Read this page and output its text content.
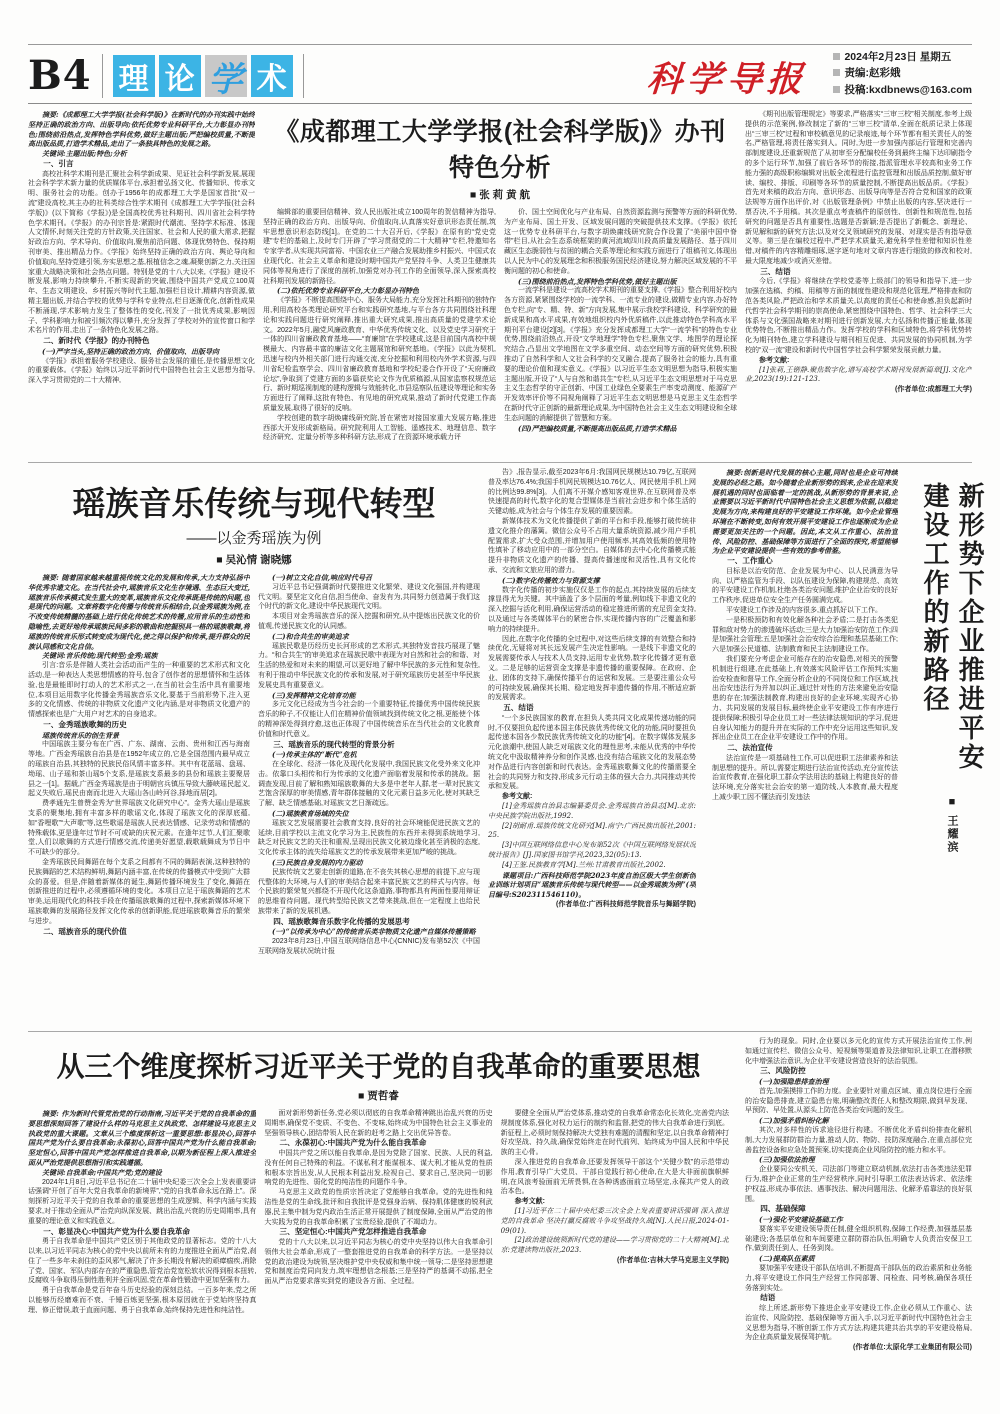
B4 理 论 学 术	科学导报
2024年2月23日 星期五
责编:赵彩娥
投稿:kxdbnews@163.com

摘要:《成都理工大学学报(社会科学版)》在新时代的办刊实践中始终坚持正确的政治方向、出版导向;依托优势专业科研平台,大力彰显办刊特色;围绕前沿热点,发挥特色学科优势,做好主题出版;严把编校质量,不断提高出版品质,打造学术精品,走出了一条独具特色的发展之路。

关键词:主题出版;特色;分析

一、引言

高校社科学术期刊是汇聚社会科学新成果、见证社会科学新发展,展现社会科学学术新力量的优质媒体平台,承担着弘扬文化、传播知识、传承文明、服务社会的功能。创办于1956年的成都理工大学是国家首批“双一流”建设高校,其主办的社科类综合性学术期刊《成都理工大学学报(社会科学版)》(以下简称《学报》)是全国高校优秀社科期刊、四川省社会科学特色学术期刊。《学报》的办刊宗旨是:紧跟时代潮流、坚持学术标准、体现人文情怀,时刻关注党的方针政策,关注国家、社会和人民的重大需求,把握好政治方向、学术导向、价值取向,聚焦前沿问题、体现优势特色、保持期刊审美、推出精品力作。《学报》始终坚持正确的政治方向、舆论导向和价值取向,坚持党建引领,夯实思想之基,根植信念之魂,凝聚创新之力,关注国家重大战略决策和社会热点问题。特别是党的十八大以来,《学报》建设不断发展,影响力持续攀升,不断实现新的突破,围绕中国共产党成立100周年、生态文明建设、乡村振兴等时代主题,加强栏目设计,精耕内容资源,做精主题出版,并结合学校的优势与学科专业特点,栏目逐渐优化,创新性成果不断涌现,学术影响力发生了整体性的变化,刊发了一批优秀成果,影响因子、学科影响力和被引频次得以攀升,充分发挥了学校对外的宣传窗口和学术名片的作用,走出了一条特色化发展之路。

二、新时代《学报》的办刊特色

(一)严字当头,坚持正确的政治方向、价值取向、出版导向

《学报》承担着服务学校建设、服务社会发展的重任,是传播思想文化的重要载体。《学报》始终以习近平新时代中国特色社会主义思想为指导,深入学习贯彻党的二十大精神,

《成都理工大学学报(社会科学版)》办刊特色分析
■ 张 莉 黄 航

编辑部的重要回信精神、致人民出版社成立100周年的贺信精神为指导,坚持正确的政治方向、出版导向、价值取向,认真落实好意识形态责任制,筑牢思想意识形态防线[1]。在党的二十大召开后,《学报》在原有的“党史党建”专栏的基础上,及时专门开辟了“学习贯彻党的二十大精神”专栏,特邀知名专家学者,从实现共同富裕、中国农业三产融合发展助推乡村振兴、中国式农业现代化、社会主义革命和建设时期中国共产党坚持斗争、人类卫生健康共同体等视角进行了深度的剖析,加强党对办刊工作的全面领导,深入探索高校社科期刊发展的新路径。

(二)依托优势专业科研平台,大力彰显办刊特色

《学报》不断提高围绕中心、服务大局能力,充分发挥社科期刊的独特作用,利用高校各类理论研究平台和实践研究基地,与平台各方共同围绕社科理论和实践问题进行研究阐释,推出重大研究成果,推出高质量的党建学术论文。2022年5月,融党风廉政教育、中华优秀传统文化、以及党史学习研究于一体的四川省廉政教育基地——“育廉馆”在学校建成,这是目前国内高校中规模最大、内容最丰富的廉洁文化主题展馆和研究基地。《学报》以此为契机,迅速与校内外相关部门进行沟通交流,充分挖掘和利用校内外学术资源,与四川省纪检监察学会、四川省廉政教育基地和学校纪委合作开设了“天府廉政论坛”,争取到了党建方面的多篇获奖论文作为优质稿源,从国家监察权规范运行、新时期巡视制度的建构逻辑与效能转化,市县巡察队伍建设等理论和实务方面进行了阐释,这批有特色、有见地的研究成果,推动了新时代党建工作高质量发展,取得了很好的反响。

学校创建的数字胡焕庸线研究院,旨在紧密对接国家重大发展方略,推进西部大开发形成新格局。研究院利用人工智能、遥感技术、地理信息、数字经济研究、定量分析等多种科研方法,形成了在资源环境承载力评

价、国土空间优化与产业布局、自然资源监测与预警等方面的科研优势,为产业布局、国土开发、区域发展问题的突破提供技术支撑。《学报》依托这一优势专业科研平台,与数字胡焕庸线研究院合作设置了“美丽中国中脊带”栏目,从社会生态系统框架的黄河流域四川段高质量发展路径、基于四川藏区生态脆弱性与贫困的耦合关系等理论和实践方面进行了组稿刊文,体现出以人民为中心的发展理念和积极服务国民经济建设,努力解决区域发展的不平衡问题的初心和使命。

(三)围绕前沿热点,发挥特色学科优势,做好主题出版

一流学科是建设一流高校学术期刊的重要支撑,《学报》整合利用好校内各方资源,紧紧围绕学校的一流学科、一流专业的建设,做精专业内容,办好特色专栏,向“专、精、特、新”方向发展,集中展示我校学科建设、科学研究的最新成果和高水平成果,有效地组织校内外优质稿件,以此推动特色学科高水平期刊平台建设[2][3]。《学报》充分发挥成都理工大学“一流学科”的特色专业优势,围绕前沿热点,开设“文学地理学”特色专栏,聚焦文学、地图学的理论探究结合,凸显出文学地图在文学多重空间、动态空间等方面的研究优势,积极推动了自然科学和人文社会科学的交叉融合,提高了服务社会的能力,具有重要的理论价值和现实意义。《学报》以习近平生态文明思想为指导,积极实施主题出版,开设了“人与自然和谐共生”专栏,从习近平生态文明思想对于马克思主义生态哲学的守正创新、中国工业绿色全要素生产率变动测度、能源矿产开发效率评价等不同视角阐释了习近平生态文明思想是马克思主义生态哲学在新时代守正创新的最新理论成果,为中国特色社会主义生态文明建设和全球生态问题的消解提供了智慧和方案。

(四)严把编校质量,不断提高出版品质,打造学术精品

《期刊出版管理规定》等要求,严格落实“三审三校”相关制度,参考上级提供的示范案例,修改制定了新的“三审三校”清单,全面在纸质记录上体现出“三审三校”过程和审校稿意见的记录痕迹,每个环节都有相关责任人的签名,严格管理,将责任落实到人。同时,为进一步加强内部运行管理和完善内部制度建设,还重新规范了从初审至分配编校任务到最终主编下达印刷指令的多个运行环节,加强了前后各环节的衔接,指派管理水平较高和业务工作能力强的高级职称编辑对出版全流程进行监控管理和出版品质控制,做好审读、编校、排版、印刷等各环节的质量控制,不断提高出版品质。《学报》首先对来稿的政治方向、意识形态、出版导向等是否符合党和国家的政策法规等方面作出评价,对《出版管理条例》中禁止出版的内容,坚决进行一票否决,不予用稿。其次是重点考查稿件的原创性、创新性和规范性,包括研究的问题是否具有重要性,选题是否新颖;是否提出了新概念、新理论、新见解和新的研究方法;以及对交叉领域研究的发展、对现实是否有指导意义等。第三是在编校过程中,严把学术质量关,避免科学性差错和知识性差错,对稿件的内容精雕细琢,逐字逐句地对文章内容进行细致的修改和校对,最大限度地减少或消灭差错。

三、结语

今后,《学报》将继续在学校党委等上级部门的领导和指导下,进一步加强在选稿、约稿、用稿等方面的制度性建设和规范化管理,严格排查和防范各类风险,严把政治和学术质量关,以高度的责任心和使命感,担负起新时代哲学社会科学期刊的崇高使命,紧密围绕中国特色、哲学、社会科学三大体系与文化强国战略来对期刊进行创新发展,大力弘扬和传播正能量,体现优势特色,不断推出精品力作。发挥学校的学科和区域特色,将学科优势转化为期刊特色,建立学科建设与期刊相互促进、共同发展的协同机制,为学校的“双一流”建设和新时代中国哲学社会科学繁荣发展贡献力量。

参考文献:

[1]张莉,王锴静.聚焦数字化,谱写高校学术期刊发展新篇章[J].文化产业,2023(19):121-123.

(作者单位:成都理工大学)

瑶族音乐传统与现代转型
——以金秀瑶族为例
■ 吴沁情 谢晓娜

摘要: 随着国家越来越重视传统文化的发展和传承,大力支持弘扬中华优秀非遗文化。在当代社会中,瑶族音乐文化生存境遇、生态巨大变迁,瑶族音乐传承模式发生重大的变革,瑶族音乐文化传承既是传统的问题,也是现代的问题。文章将数字化传播与传统音乐相结合,以金秀瑶族为例,在不改变传统精髓的基础上进行优化传统艺术的传播,应用音乐的生动性和隐喻性,去更好地传承瑶族民间多彩的歌曲和挖掘别具一格的瑶族歌舞,将瑶族的传统音乐形式转变成为现代化,使之得以保护和传承,提升群众的民族认同感和文化自信。

关键词:音乐传统;现代转型;金秀;瑶族

引言:音乐是伴随人类社会活动而产生的一种重要的艺术形式和文化活动,是一种表达人类思想情感的符号,包含了创作者的思想情怀和生活体验,也是最能即时打动人的艺术形式之一,在当前社会生活中具有重要地位,本项目运用数字化传播金秀瑶族音乐文化,要基于当前形势下,注入更多的文化情感、传统的非物质文化遗产文化内涵,是对非物质文化遗产的情感探索也是广大用户对艺术的自身追求。

一、金秀瑶族歌舞的历史

瑶族传统音乐的创生背景

中国瑶族主要分布在广西、广东、湖南、云南、贵州和江西与海南等地。广西金秀瑶族自治县是在1952年成立的,它是全国范围内最早成立的瑶族自治县,其独特的民族民俗风情丰富多样。其中有花蓝瑶、盘瑶、坳瑶、山子瑶和茶山瑶5个支系,是瑶族支系最多的县份和瑶族主要聚居县之一[1]。据载,广西金秀瑶族是由于明朝官兵镇压导致大藤峡瑶民起义,起义失败后,瑶民由南而北进入大瑶山各山岭河谷,择地而居[2]。

费孝通先生曾赞金秀为“世界瑶族文化研究中心”。金秀大瑶山是瑶族支系的聚集地,拥有丰富多样的歌谣文化,体现了瑶族文化的深厚底蕴,如“香哩歌”“大声歌”等,这些歌谣是瑶族人民表达情感、记录劳动和情感的特殊载体,更是逢年过节时不可或缺的庆祝元素。在逢年过节,人们汇聚歌堂,人们以歌舞的方式进行情感交流,传递美好愿望,载歌载舞成为节日中不可缺少的部分。

金秀瑶族民间舞蹈在每个支系之间都有不同的舞蹈表演,这种独特的民族舞蹈的艺术结构鲜明,舞蹈内涵丰富,在传统的传播模式中受到广大群众的喜爱。但是,伴随着新媒体的诞生,舞蹈传播环境发生了变化,舞蹈在创新推进的过程中,必须遵循环境的变化。本项目立足于瑶族舞蹈的艺术审美,运用现代化的科技手段在传播瑶族歌舞的过程中,探索新媒体环境下瑶族歌舞的发展路径发挥文化传承的创新职能,促进瑶族歌舞音乐的繁荣与进步。

二、瑶族音乐的现代价值

(一)树立文化自信,响应时代号召

习近平总书记强调新时代要推进文化繁荣、建设文化强国,并构建现代文明。要坚定文化自信,担当使命、奋发有为,共同努力创造属于我们这个时代的新文化,建设中华民族现代文明。

本项目对金秀瑶族音乐的深入挖掘和研究,从中提炼出民族文化的价值观,传递民族文化的认同感。

(二)和合共生的审美追求

瑶族民歌是历经历史长河形成的艺术形式,其独特发音技巧展现了魅力。“和合共生”的审美追求在瑶族民歌中表现为对自然和社会的和谐、对生活的热爱和对未来的期望,可以更好地了解中华民族的多元性和复杂性,有利于推动中华民族文化的传承和发展,对于研究瑶族历史甚至中华民族发展史具有重要意义。

(三)发挥精神文化培育功能

多元文化已经成为当今社会的一个重要特征,传播优秀中国传统民族音乐的种子,不仅能让人们在精神价值领域找到传统文化之根,更能使个体的精神深处得到疗愈,这也正体现了中国传统音乐在当代社会的文化教育价值和时代意义。

三、瑶族音乐的现代转型的背景分析

(一)传承主体的“断代”危机

在全球化、经济一体化及现代化发展中,我国民族文化受外来文化冲击。依靠口头相传和行为传承的文化遗产面临着发展和传承的挑战。据调查发现,目前了解和熟知瑶族歌舞的大多是中老年人群,老一辈对民族文艺饱含深厚的审美情感,青年群体接触的文化元素日益多元化,使对其缺乏了解、缺乏情感基础,对瑶族文艺日渐疏远。

(二)瑶族教育场域的失位

瑶族文艺发展需要社会教育支持,良好的社会环境能促进民族文艺的延续,目前学校以主流文化学习为主,民族性的东西并未得到系统地学习,缺乏对民族文艺的关注和重视,呈现出民族文化被边缘化甚至消极的态度,文化传承主体的流失给瑶族文艺的传承发展带来更加严峻的挑战。

(三)民族自身发展的内力驱动

民族传统文艺要走创新的道路,在不丧失其核心思想的前提下,应与现代整体的大环境,与人们的审美结合起来丰富民族文艺的样式与内容。每个民族的繁荣复兴都绕不开现代化这条道路,事物都具有两面性要用辩证的思维看待问题。现代转型给民族文艺带来挑战,但在一定程度上也给民族带来了新的发展机遇。

四、瑶族歌舞音乐数字化传播的发展思考

(一)“以传承为中心”的传统音乐类非物质文化遗产自媒体传播策略

2023年8月23日,中国互联网络信息中心(CNNIC)发布第52次《中国互联网络发展状况统计报

告》,报告显示,截至2023年6月:我国网民规模达10.79亿,互联网普及率达76.4%;我国手机网民规模达10.76亿人、网民使用手机上网的比例达99.8%[3]。人们离不开媒介感知客观世界,在互联网普及率快速提高的时代,数字化的复合型媒体是当前社会进步和个体生活的关键动能,成为社会与个体生存发展的重要因素。

新媒体技术为文化传播提供了新的平台和手段,能够打破传统非遗文化推介的藩篱。微信公众号不占用大量系统资源,减少用户手机配置需求,扩大受众范围,并增加用户使用频率,其高效低频的使用特性填补了移动应用中的一部分空白。自媒体的去中心化传播模式能提升非物质文化遗产的传播、提高传播速度和灵活性,具有文化传承、交流和文旅应用的潜力。

(二)数字化传播效力与资源支撑

数字化传播的初步实施仅仅是工作的起点,其持续发展的后续支撑显得尤为关键。其中涵盖了多个层面的考量,例如线下非遗文化的深入挖掘与活化利用,确保运营活动的稳定推进所需的充足资金支持,以及通过与各类媒体平台的紧密合作,实现传播内容的广泛覆盖和影响力的持续提升。

因此,在数字化传播的全过程中,对这些后续支撑的有效整合和持续优化,无疑将对其长远发展产生决定性影响。一是线下非遗文化的发展需要传承人与技术人员支持,运用专业优势,数字化传播才更有意义。二是足够的运营资金支撑是非遗传播的重要保障。在政府、企业、团体的支持下,确保传播平台的运营和发展。三是要注重公众号的可持续发展,确保其长期、稳定地发挥非遗传播的作用,不断适应新的发展需求。

五、结语

“一个多民族国家的教育,在担负人类共同文化成果传递功能的同时,不仅要担负起传递本国主体民族优秀传统文化的功能,同时要担负起传递本国各少数民族优秀传统文化的功能”[4]。在数字媒体发展多元化浪潮中,使国人缺乏对瑶族文化的理性思考,未能从优秀的中华传统文化中汲取精神养分和创作灵感,也没有结合瑶族文化的发展态势对作品进行内容创新和时代表达。金秀瑶族歌舞文化的传播需要全社会的共同努力和支持,形成多元行动主体的强大合力,共同推动其传承和发展。

参考文献:

[1]金秀瑶族自治县志编纂委员会.金秀瑶族自治县志[M].北京:中央民族学院出版社,1992.

[2]胡耐甫.瑶族传统文化研究[M].南宁:广西民族出版社,2001:25.

[3]中国互联网络信息中心发布第52次《中国互联网络发展状况统计报告》[J].国家图书馆学刊,2023,32(05):13.

[4]王鉴.民族教育学[M].兰州:甘肃教育出版社,2002.

课题项目:广西科技师范学院2023年度自治区级大学生创新创业训练计划项目“瑶族音乐传统与现代转型——以金秀瑶族为例”(项目编号:S202311546110)。

(作者单位:广西科技师范学院音乐与舞蹈学院)

摘要:创新是时代发展的核心主题,同时也是企业可持续发展的必经之路。如今随着企业新形势的到来,企业在迎来发展机遇的同时也面临着一定的挑战,从新形势的背景来说,企业需要以习近平新时代中国特色社会主义思想为依据,以稳定发展为方向,来构建良好的平安建设工作环境。如今企业管理环境在不断转变,如何有效开展平安建设工作也逐渐成为企业需要更加关注的一个问题。因此,本文从工作重心、法治宣传、风险防控、基础保障等方面进行了全面的探究,希望能够为企业平安建设提供一些有效的参考借鉴。

一、工作重心

目标是以治安防范、企业发展为中心、以人民满意为导向、以严格监管为手段、以队伍建设为保障,构建规范、高效的平安建设工作机制,杜绝各类治安问题,维护企业治安的良好工作秩序,促进单位安全生产任务圆满完成。

平安建设工作涉及的内容很多,重点抓好以下工作。

一是积极预防和有效化解各种社会矛盾;二是打击各类犯罪和敌对势力的渗透破坏活动;三是大力加强治安防范工作;四是加强社会管理;五是加强社会治安综合治理和基层基础工作;六是加强公民道德、法制教育和民主法制建设工作。

我们要充分考虑企业可能存在的治安隐患,对相关的预警机制进行组建,在此基础上,有效落实风险评估工作预判;实施治安检查和督导工作,全面分析企业的不同岗位和工作区域,找出治安违法行为并加以纠正,通过针对性的方法来避免治安隐患的存在;加强法制教育,构建出良好的企业环境,实现齐心协力、共同发展的发展目标,最终使企业平安建设工作有序进行提供保障;积极引导企业员工对一些法律法规知识的学习,促进自身认知能力的提升并在实际的工作中充分运用这些知识,发挥出企业员工在企业平安建设工作中的作用。

二、法治宣传

法治宣传是一项基础性工作,可以促进职工法律素养和法制思想的提升。所以,需要定期进行法治宣传活动,充分宣传法治宣传教育,在强化职工群众学法用法的基础上构建良好的普法环境,充分落实社会治安的第一道防线,人本教育,最大程度上减少职工因不懂法而引发违法

新形势下企业推进平安建设工作的新路径
■ 王耀滨
从三个维度探析习近平关于党的自我革命的重要思想
■ 贾哲睿

摘要: 作为新时代管党治党的行动指南,习近平关于党的自我革命的重要思想深刻回答了建设什么样的马克思主义执政党、怎样建设马克思主义执政党的重大课题。文章从三个维度探析这一重要思想:彰显决心,回答中国共产党为什么要自我革命;永葆初心,回答中国共产党为什么能自我革命;坚定恒心,回答中国共产党怎样推进自我革命,以期为新征程上深入推进全面从严治党提供思想指引和实践遵循。

关键词:自我革命;中国共产党;党的建设

2024年1月8日,习近平总书记在二十届中央纪委三次全会上发表重要讲话强调“开创了百年大党自我革命的新境界”,“党的自我革命永远在路上”。深刻探析习近平关于党的自我革命的重要思想的生成逻辑、科学内涵与实践要求,对于推动全面从严治党向纵深发展、跳出治乱兴衰的历史周期率,具有重要的理论意义和实践意义。

一、彰显决心:中国共产党为什么要自我革命

勇于自我革命是中国共产党区别于其他政党的显著标志。党的十八大以来,以习近平同志为核心的党中央以前所未有的力度推进全面从严治党,刹住了一些多年未刹住的歪风邪气,解决了许多长期没有解决的顽瘴痼疾,消除了党、国家、军队内部存在的严重隐患,管党治党宽松软状况得到根本扭转,反腐败斗争取得压倒性胜利并全面巩固,党在革命性锻造中更加坚强有力。

勇于自我革命是党百年奋斗历史经验的深刻总结。一百多年来,党之所以能够历经磨难而不衰、千锤百炼更坚强,根本原因就在于党始终坚持真理、修正错误,敢于直面问题、勇于自我革命,始终保持先进性和纯洁性。

面对新形势新任务,党必须以彻底的自我革命精神跳出治乱兴衰的历史周期率,确保党不变质、不变色、不变味,始终成为中国特色社会主义事业的坚强领导核心,团结带领人民在新的赶考之路上交出优异答卷。

二、永葆初心:中国共产党为什么能自我革命

中国共产党之所以能自我革命,是因为党除了国家、民族、人民的利益,没有任何自己特殊的利益。不谋私利才能谋根本、谋大利,才能从党的性质和根本宗旨出发,从人民根本利益出发,检视自己、要求自己,坚决同一切影响党的先进性、弱化党的纯洁性的问题作斗争。

马克思主义政党的性质宗旨决定了党能够自我革命。党的先进性和纯洁性是党的生命线,批评和自我批评是党强身治病、保持肌体健康的锐利武器,民主集中制为党内政治生活正常开展提供了制度保障,全面从严治党的伟大实践为党的自我革命积累了宝贵经验,提供了不竭动力。

三、坚定恒心:中国共产党怎样推进自我革命

党的十八大以来,以习近平同志为核心的党中央坚持以伟大自我革命引领伟大社会革命,形成了一整套推进党的自我革命的科学方法。一是坚持以党的政治建设为统领,坚决维护党中央权威和集中统一领导;二是坚持思想建党和制度治党同向发力,筑牢理想信念根基;三是坚持严的基调不动摇,把全面从严治党要求落实到党的建设各方面、全过程。

要健全全面从严治党体系,推动党的自我革命常态化长效化,完善党内法规制度体系,强化对权力运行的制约和监督,把党的伟大自我革命进行到底。新征程上,必须时刻保持解决大党独有难题的清醒和坚定,以自我革命精神打好攻坚战、持久战,确保党始终走在时代前列、始终成为中国人民和中华民族的主心骨。

深入推进党的自我革命,还要发挥领导干部这个“关键少数”的示范带动作用,教育引导广大党员、干部自觉践行初心使命,在大是大非面前旗帜鲜明,在风浪考验面前无所畏惧,在各种诱惑面前立场坚定,永葆共产党人的政治本色。

参考文献:

[1]习近平在二十届中央纪委三次全会上发表重要讲话强调 深入推进党的自我革命 坚决打赢反腐败斗争攻坚战持久战[N].人民日报,2024-01-09(01).

[2]政治建设统领新时代党的建设——学习贯彻党的二十大精神[M].北京:党建读物出版社,2023.

(作者单位:吉林大学马克思主义学院)

行为的现象。同时,企业要以多元化的宣传方式开展法治宣传工作,例如通过宣传栏、微信公众号、短视频等渠道普及法律知识,让职工在潜移默化中增强法治意识,为企业平安建设营造良好的法治氛围。

三、风险防控

(一)加强隐患排查治理

首先,加强摸排工作的力度。企业要针对重点区域、重点岗位进行全面的治安隐患排查,建立隐患台账,明确整改责任人和整改期限,做到早发现、早预防、早处置,从源头上防范各类治安问题的发生。

(二)加强矛盾纠纷化解

其次,对多样性的诉求途径进行构建。不断优化矛盾纠纷排查化解机制,大力发展群防群治力量,推动人防、物防、技防深度融合,在重点部位完善监控设备和应急处置预案,切实提高企业风险防控的能力和水平。

(三)加强依法治理

企业要同公安机关、司法部门等建立联动机制,依法打击各类违法犯罪行为,维护企业正常的生产经营秩序,同时引导职工依法表达诉求、依法维护权益,形成办事依法、遇事找法、解决问题用法、化解矛盾靠法的良好氛围。

四、基础保障

(一)强化平安建设基础工作

要落实平安建设领导责任制,健全组织机构,保障工作经费,加强基层基础建设;各基层单位和车间要建立群防群治队伍,明确专人负责治安保卫工作,做到责任到人、任务到岗。

(二)提高队伍素质

要加强平安建设干部队伍培训,不断提高干部队伍的政治素质和业务能力,将平安建设工作同生产经营工作同部署、同检查、同考核,确保各项任务落到实处。

结语

综上所述,新形势下推进企业平安建设工作,企业必须从工作重心、法治宣传、风险防控、基础保障等方面入手,以习近平新时代中国特色社会主义思想为指导,不断创新工作方式方法,构建共建共治共享的平安建设格局,为企业高质量发展保驾护航。

(作者单位:太原化学工业集团有限公司)
